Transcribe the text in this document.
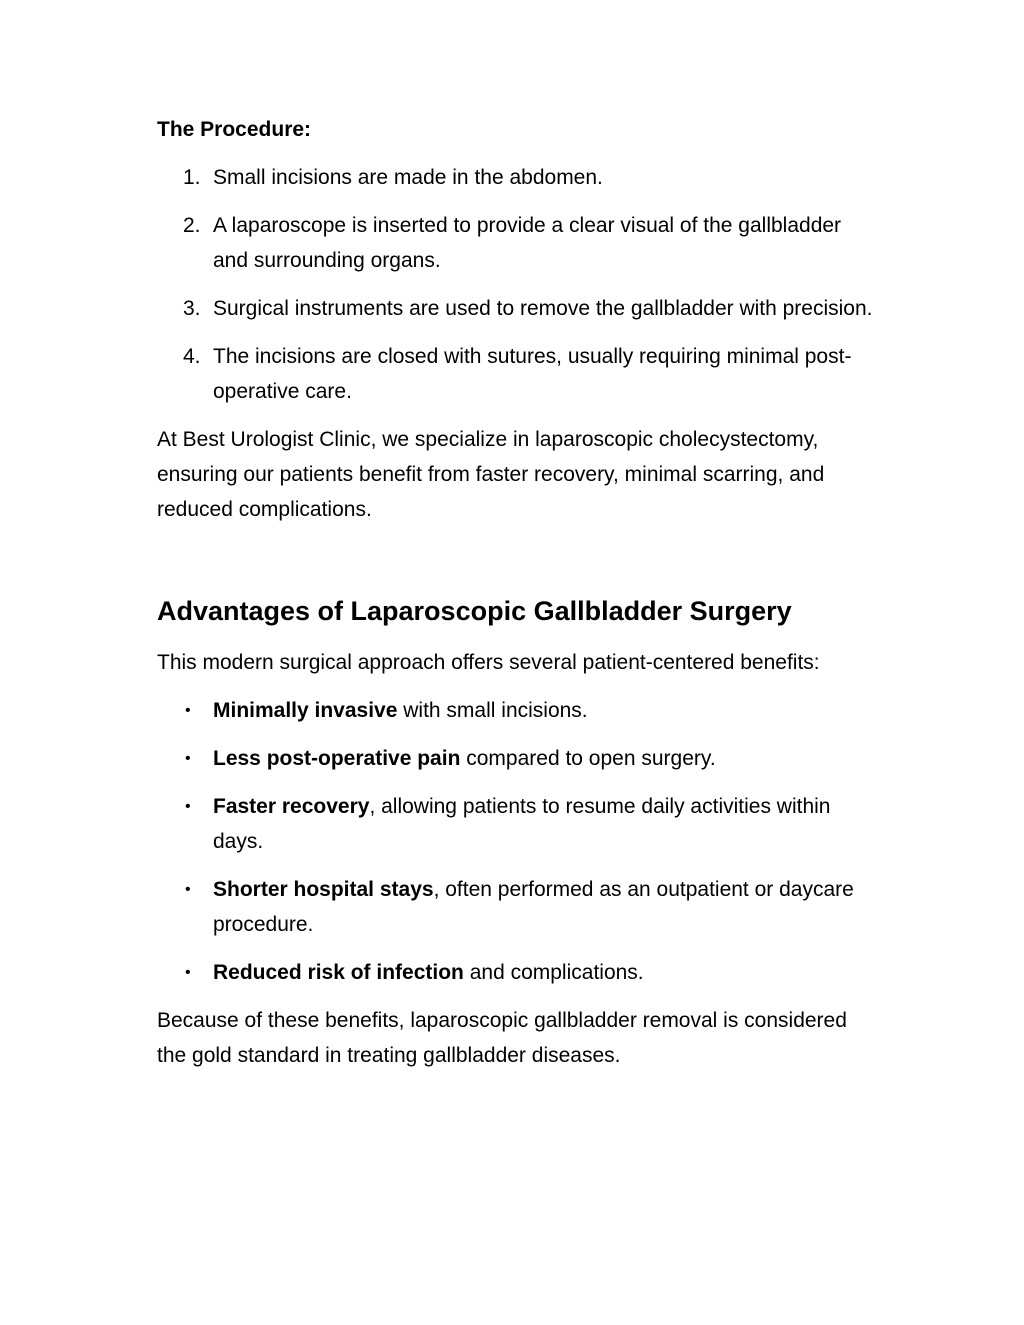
The Procedure:

1. Small incisions are made in the abdomen.
2. A laparoscope is inserted to provide a clear visual of the gallbladder and surrounding organs.
3. Surgical instruments are used to remove the gallbladder with precision.
4. The incisions are closed with sutures, usually requiring minimal post-operative care.

At Best Urologist Clinic, we specialize in laparoscopic cholecystectomy, ensuring our patients benefit from faster recovery, minimal scarring, and reduced complications.

Advantages of Laparoscopic Gallbladder Surgery

This modern surgical approach offers several patient-centered benefits:

• Minimally invasive with small incisions.
• Less post-operative pain compared to open surgery.
• Faster recovery, allowing patients to resume daily activities within days.
• Shorter hospital stays, often performed as an outpatient or daycare procedure.
• Reduced risk of infection and complications.

Because of these benefits, laparoscopic gallbladder removal is considered the gold standard in treating gallbladder diseases.
